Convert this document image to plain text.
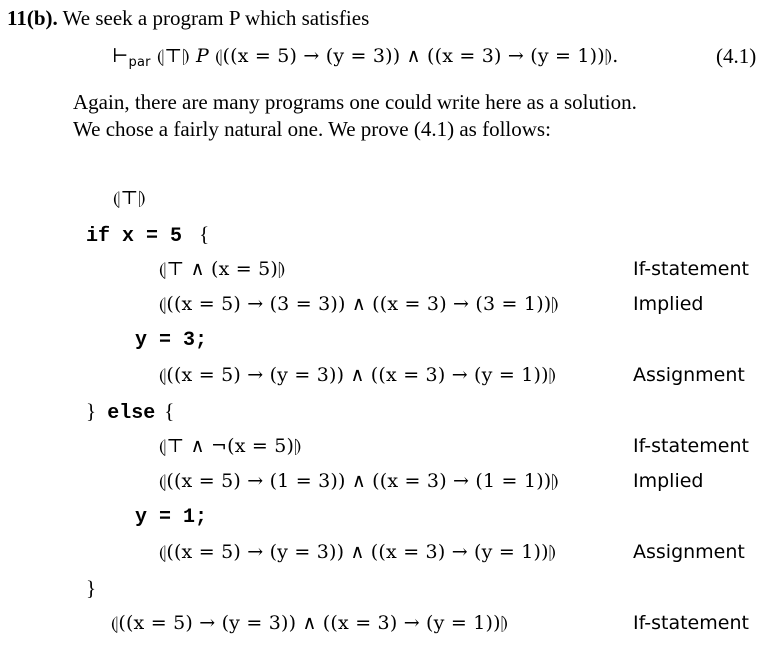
11(b). We seek a program P which satisfies
$⊢_{par}$ ⦇⊤⦈ P ⦇((x = 5) → (y = 3)) ∧ ((x = 3) → (y = 1))⦈.	(4.1)
Again, there are many programs one could write here as a solution.
We chose a fairly natural one. We prove (4.1) as follows:
⦇⊤⦈
if x = 5 {
⦇⊤ ∧ (x = 5)⦈	If-statement
⦇((x = 5) → (3 = 3)) ∧ ((x = 3) → (3 = 1))⦈	Implied
y = 3;
⦇((x = 5) → (y = 3)) ∧ ((x = 3) → (y = 1))⦈	Assignment
} else {
⦇⊤ ∧ ¬(x = 5)⦈	If-statement
⦇((x = 5) → (1 = 3)) ∧ ((x = 3) → (1 = 1))⦈	Implied
y = 1;
⦇((x = 5) → (y = 3)) ∧ ((x = 3) → (y = 1))⦈	Assignment
}
⦇((x = 5) → (y = 3)) ∧ ((x = 3) → (y = 1))⦈	If-statement
